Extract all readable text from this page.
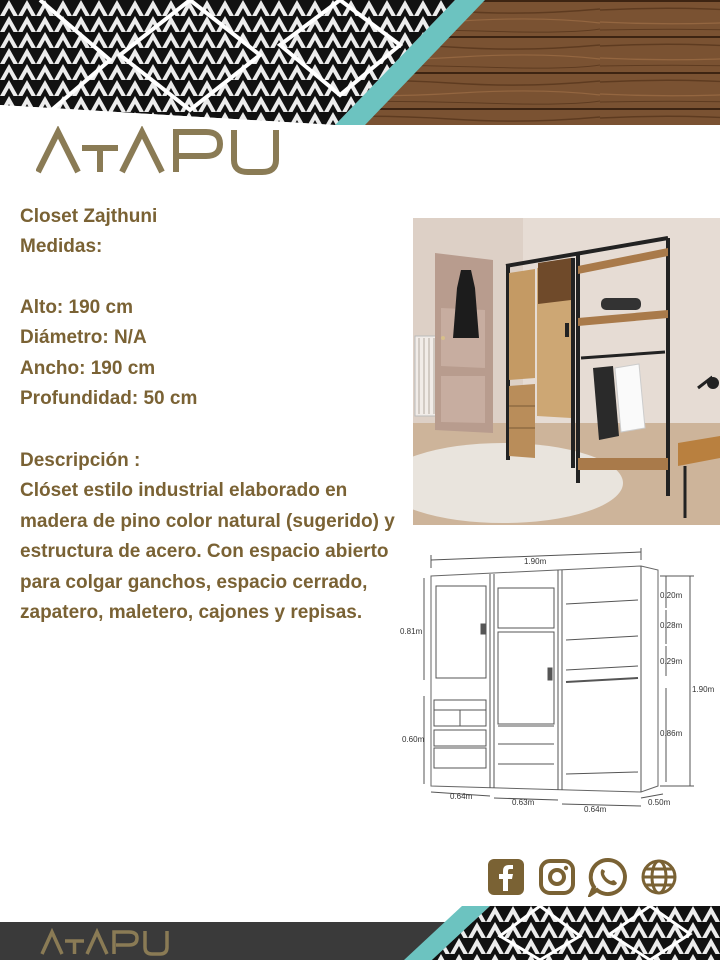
Closet Zajthuni
Medidas:
Alto: 190 cm
Diámetro: N/A
Ancho: 190 cm
Profundidad: 50 cm
Descripción :
Clóset estilo industrial elaborado en madera de pino color natural (sugerido) y estructura de acero. Con espacio abierto para colgar ganchos, espacio cerrado, zapatero, maletero, cajones y repisas.
1.90m
0.81m
0.60m
0.20m
0.28m
0.29m
1.90m
0.86m
0.64m
0.63m
0.64m
0.50m
